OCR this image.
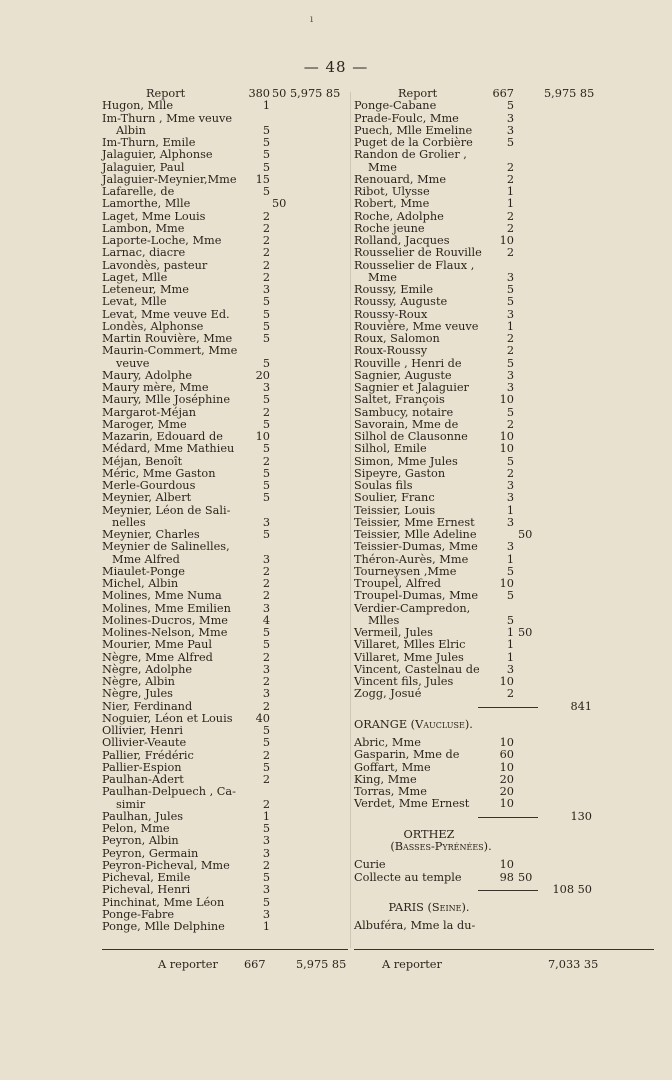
ı
— 48 —
Report	380 50 5,975 85
Hugon, Mlle	1
Im-Thurn , Mme veuve
Albin	5
Im-Thurn, Emile	5
Jalaguier, Alphonse	5
Jalaguier, Paul	5
Jalaguier-Meynier,Mme	15
Lafarelle, de	5
Lamorthe, Mlle	50
Laget, Mme Louis	2
Lambon, Mme	2
Laporte-Loche, Mme	2
Larnac, diacre	2
Lavondès, pasteur	2
Laget, Mlle	2
Leteneur, Mme	3
Levat, Mlle	5
Levat, Mme veuve Ed.	5
Londès, Alphonse	5
Martin Rouvière, Mme	5
Maurin-Commert, Mme
veuve	5
Maury, Adolphe	20
Maury mère, Mme	3
Maury, Mlle Joséphine	5
Margarot-Méjan	2
Maroger, Mme	5
Mazarin, Edouard de	10
Médard, Mme Mathieu	5
Méjan, Benoît	2
Méric, Mme Gaston	5
Merle-Gourdous	5
Meynier, Albert	5
Meynier, Léon de Sali-
nelles	3
Meynier, Charles	5
Meynier de Salinelles,
Mme Alfred	3
Miaulet-Ponge	2
Michel, Albin	2
Molines, Mme Numa	2
Molines, Mme Emilien	3
Molines-Ducros, Mme	4
Molines-Nelson, Mme	5
Mourier, Mme Paul	5
Nègre, Mme Alfred	2
Nègre, Adolphe	3
Nègre, Albin	2
Nègre, Jules	3
Nier, Ferdinand	2
Noguier, Léon et Louis	40
Ollivier, Henri	5
Ollivier-Veaute	5
Pallier, Frédéric	2
Pallier-Espion	5
Paulhan-Adert	2
Paulhan-Delpuech , Ca-
simir	2
Paulhan, Jules	1
Pelon, Mme	5
Peyron, Albin	3
Peyron, Germain	3
Peyron-Picheval, Mme	2
Picheval, Emile	5
Picheval, Henri	3
Pinchinat, Mme Léon	5
Ponge-Fabre	3
Ponge, Mlle Delphine	1
Report	667	5,975 85
Ponge-Cabane	5
Prade-Foulc, Mme	3
Puech, Mlle Emeline	3
Puget de la Corbière	5
Randon de Grolier ,
Mme	2
Renouard, Mme	2
Ribot, Ulysse	1
Robert, Mme	1
Roche, Adolphe	2
Roche jeune	2
Rolland, Jacques	10
Rousselier de Rouville	2
Rousselier de Flaux ,
Mme	3
Roussy, Emile	5
Roussy, Auguste	5
Roussy-Roux	3
Rouvière, Mme veuve	1
Roux, Salomon	2
Roux-Roussy	2
Rouville , Henri de	5
Sagnier, Auguste	3
Sagnier et Jalaguier	3
Saltet, François	10
Sambucy, notaire	5
Savorain, Mme de	2
Silhol de Clausonne	10
Silhol, Emile	10
Simon, Mme Jules	5
Sipeyre, Gaston	2
Soulas fils	3
Soulier, Franc	3
Teissier, Louis	1
Teissier, Mme Ernest	3
Teissier, Mlle Adeline	50
Teissier-Dumas, Mme	3
Théron-Aurès, Mme	1
Tourneysen ,Mme	5
Troupel, Alfred	10
Troupel-Dumas, Mme	5
Verdier-Campredon,
Mlles	5
Vermeil, Jules	1 50
Villaret, Mlles Elric	1
Villaret, Mme Jules	1
Vincent, Castelnau de	3
Vincent fils, Jules	10
Zogg, Josué	2
841
ORANGE (Vaucluse).
Abric, Mme	10
Gasparin, Mme de	60
Goffart, Mme	10
King, Mme	20
Torras, Mme	20
Verdet, Mme Ernest	10
130
ORTHEZ
(Basses-Pyrénées).
Curie	10
Collecte au temple	98 50
108 50
PARIS (Seine).
Albuféra, Mme la du-
A reporter 667	5,975 85	A reporter	7,033 35
